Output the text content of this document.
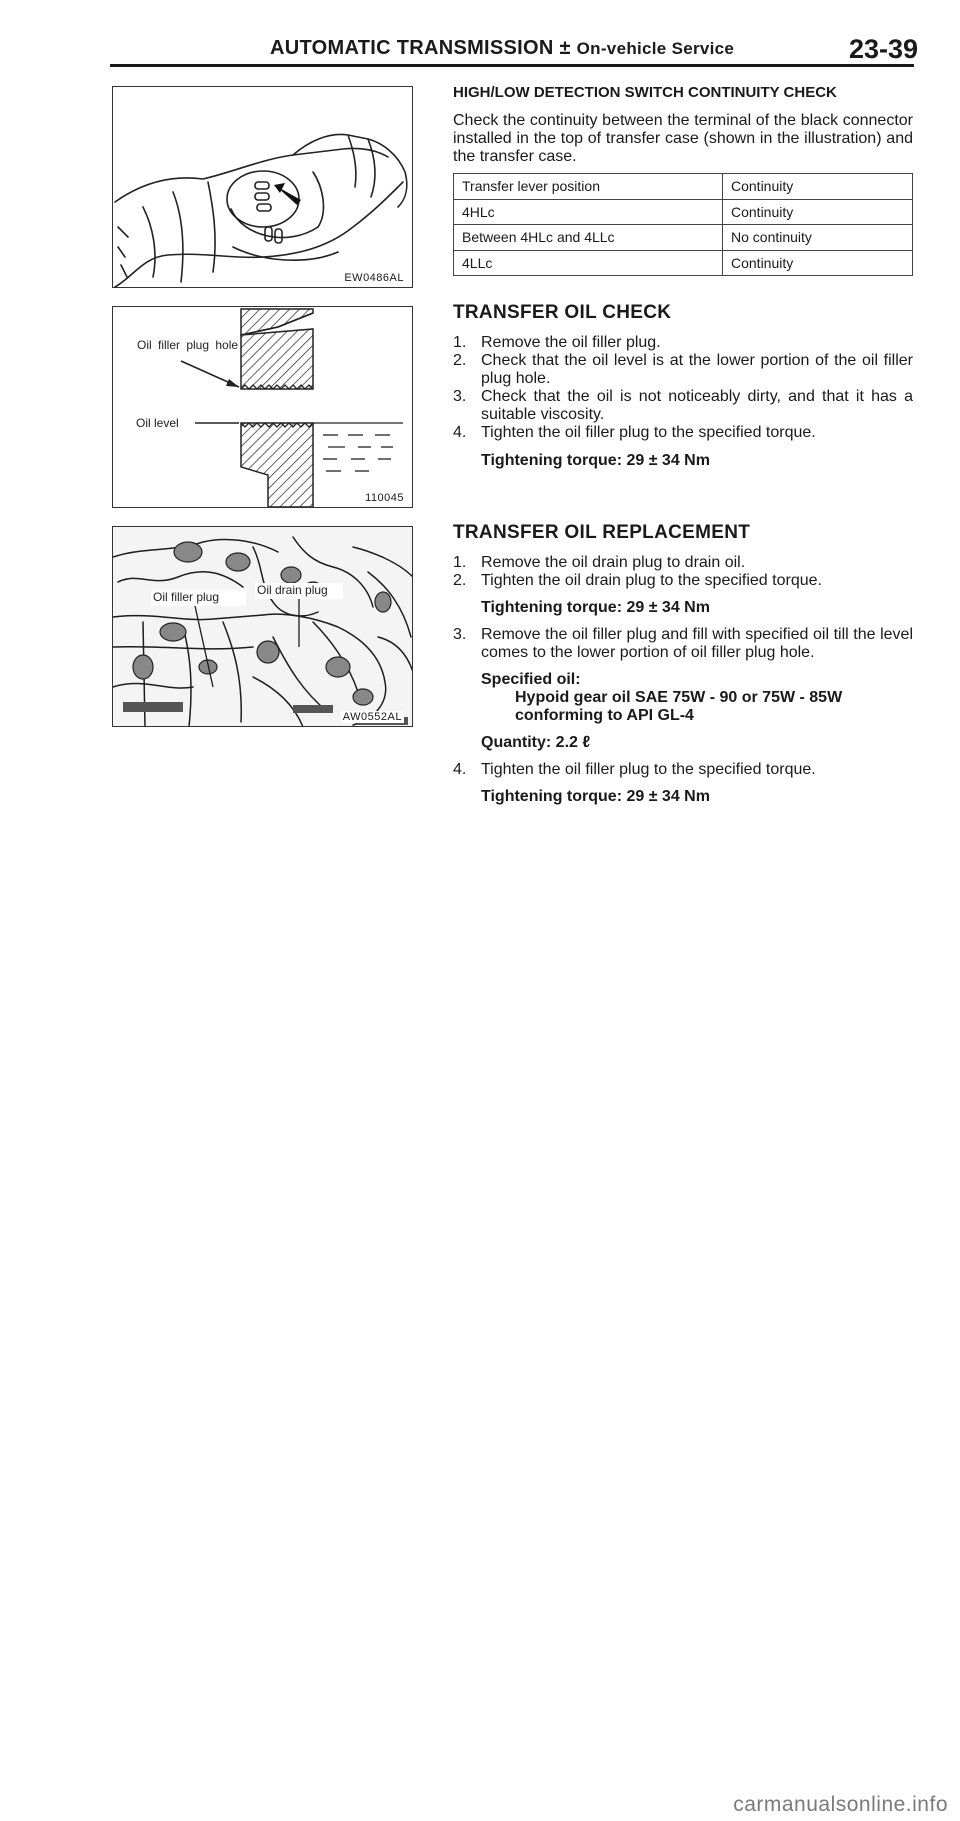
AUTOMATIC TRANSMISSION ± On-vehicle Service	23-39
EW0486AL
Oil filler plug hole
Oil level
110045
Oil filler plug	Oil drain plug
AW0552AL
HIGH/LOW DETECTION SWITCH CONTINUITY CHECK
Check the continuity between the terminal of the black connector installed in the top of transfer case (shown in the illustration) and the transfer case.
Transfer lever position	Continuity
4HLc	Continuity
Between 4HLc and 4LLc	No continuity
4LLc	Continuity
TRANSFER OIL CHECK
1. Remove the oil filler plug.
2. Check that the oil level is at the lower portion of the oil filler plug hole.
3. Check that the oil is not noticeably dirty, and that it has a suitable viscosity.
4. Tighten the oil filler plug to the specified torque.
Tightening torque: 29 ± 34 Nm
TRANSFER OIL REPLACEMENT
1. Remove the oil drain plug to drain oil.
2. Tighten the oil drain plug to the specified torque.
Tightening torque: 29 ± 34 Nm
3. Remove the oil filler plug and fill with specified oil till the level comes to the lower portion of oil filler plug hole.
Specified oil:
Hypoid gear oil SAE 75W - 90 or 75W - 85W
conforming to API GL-4
Quantity: 2.2 ℓ
4. Tighten the oil filler plug to the specified torque.
Tightening torque: 29 ± 34 Nm
carmanualsonline.info
